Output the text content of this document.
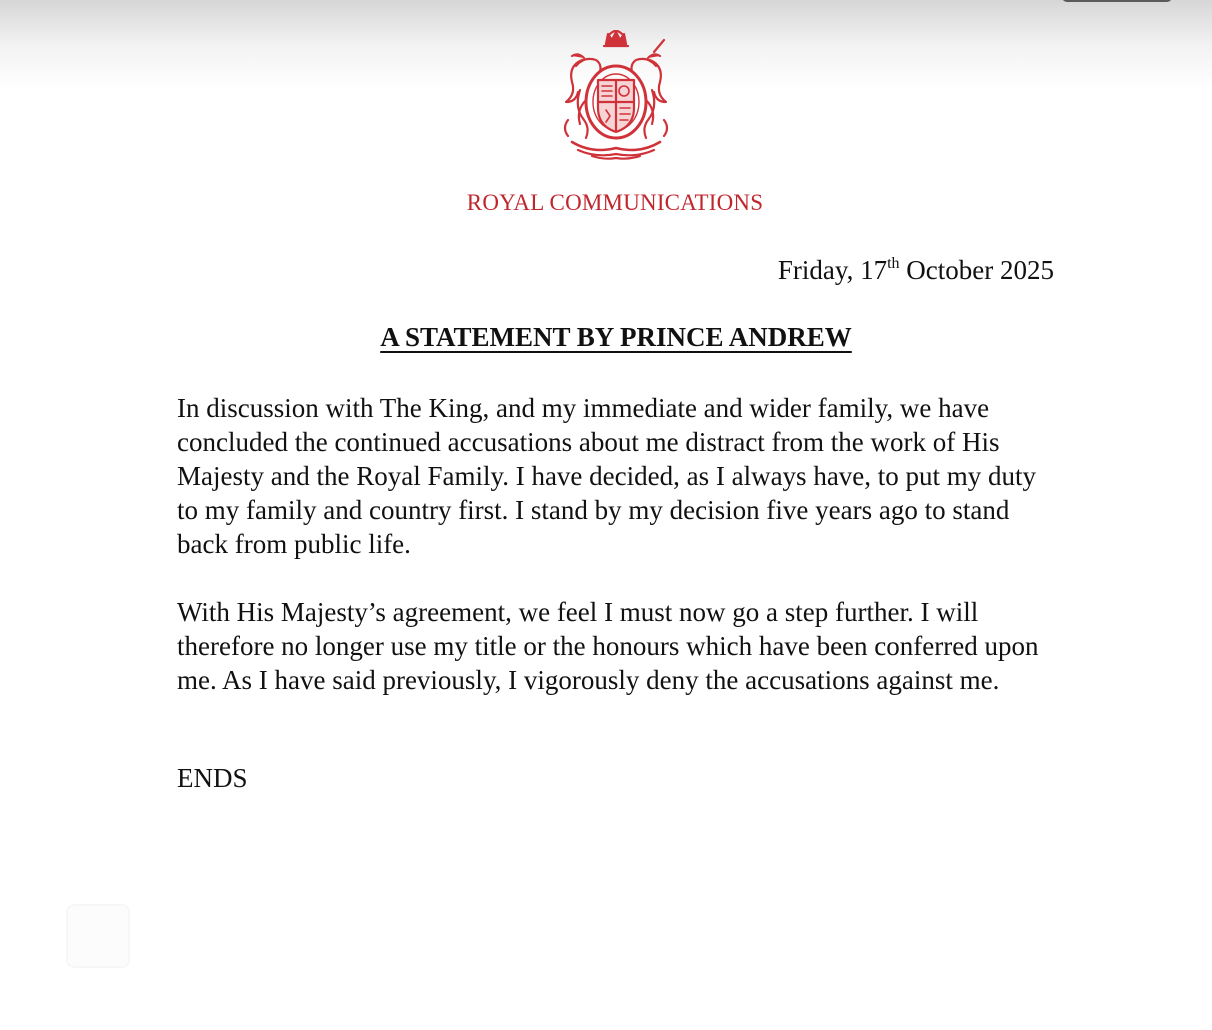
ROYAL COMMUNICATIONS
Friday, 17th October 2025
A STATEMENT BY PRINCE ANDREW

In discussion with The King, and my immediate and wider family, we have concluded the continued accusations about me distract from the work of His Majesty and the Royal Family. I have decided, as I always have, to put my duty to my family and country first. I stand by my decision five years ago to stand back from public life.

With His Majesty’s agreement, we feel I must now go a step further. I will therefore no longer use my title or the honours which have been conferred upon me. As I have said previously, I vigorously deny the accusations against me.

ENDS
